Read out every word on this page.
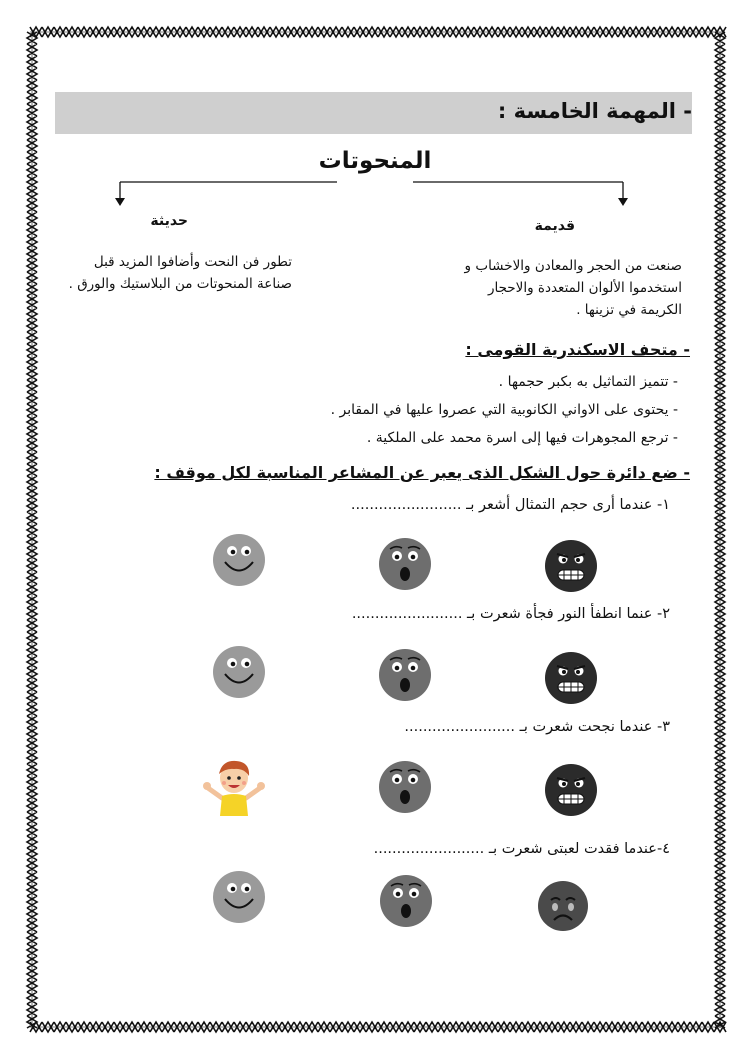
- المهمة الخامسة :
المنحوتات
قديمة
حديثة
صنعت من الحجر والمعادن والاخشاب و
استخدموا الألوان المتعددة والاحجار
الكريمة في تزينها .
تطور فن النحت وأضافوا المزيد قبل
صناعة المنحوتات من البلاستيك والورق .
- متحف الاسكندرية القومى :
- تتميز التماثيل به بكبر حجمها .
- يحتوى على الاواني الكانوبية التي عصروا عليها في المقابر .
- ترجع المجوهرات فيها إلى اسرة محمد على الملكية .
- ضع دائرة حول الشكل الذى يعبر عن المشاعر المناسبة لكل موقف :
١- عندما أرى حجم التمثال أشعر بـ ........................
٢- عنما انطفأ النور فجأة شعرت بـ ........................
٣- عندما نجحت شعرت بـ ........................
٤-عندما فقدت لعبتى شعرت بـ ........................
